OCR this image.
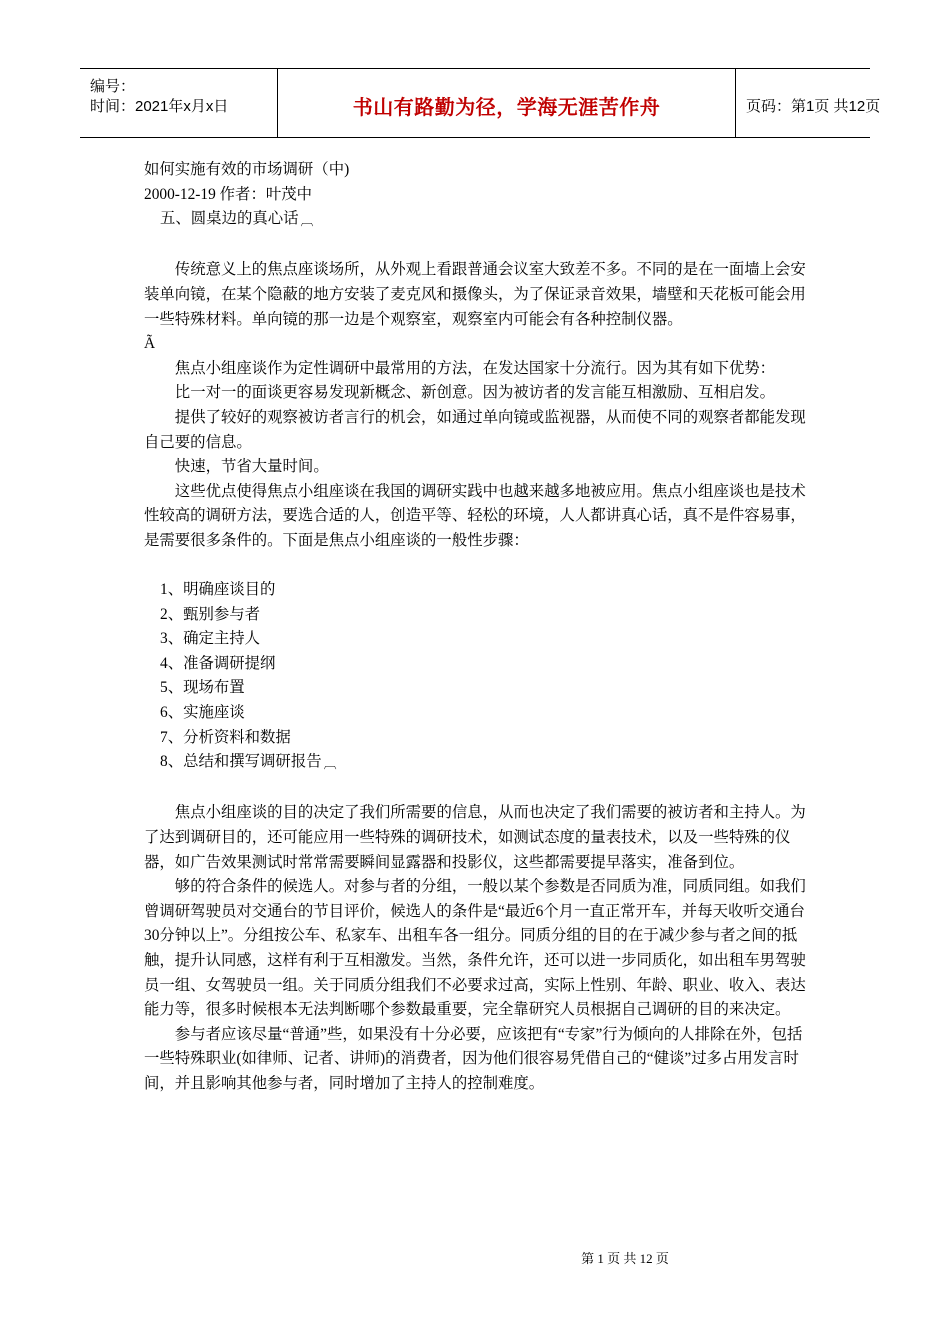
编号：
时间：2021年x月x日	书山有路勤为径，学海无涯苦作舟	页码：第1页 共12页

如何实施有效的市场调研（中)

2000-12-19 作者：叶茂中

五、圆桌边的真心话 ︹

传统意义上的焦点座谈场所，从外观上看跟普通会议室大致差不多。不同的是在一面墙上会安装单向镜，在某个隐蔽的地方安装了麦克风和摄像头，为了保证录音效果，墙壁和天花板可能会用一些特殊材料。单向镜的那一边是个观察室，观察室内可能会有各种控制仪器。

Ã

焦点小组座谈作为定性调研中最常用的方法，在发达国家十分流行。因为其有如下优势：

比一对一的面谈更容易发现新概念、新创意。因为被访者的发言能互相激励、互相启发。

提供了较好的观察被访者言行的机会，如通过单向镜或监视器，从而使不同的观察者都能发现自己要的信息。

快速，节省大量时间。

这些优点使得焦点小组座谈在我国的调研实践中也越来越多地被应用。焦点小组座谈也是技术性较高的调研方法，要选合适的人，创造平等、轻松的环境，人人都讲真心话，真不是件容易事，是需要很多条件的。下面是焦点小组座谈的一般性步骤：

1、明确座谈目的

2、甄别参与者

3、确定主持人

4、准备调研提纲

5、现场布置

6、实施座谈

7、分析资料和数据

8、总结和撰写调研报告 ︹

焦点小组座谈的目的决定了我们所需要的信息，从而也决定了我们需要的被访者和主持人。为了达到调研目的，还可能应用一些特殊的调研技术，如测试态度的量表技术，以及一些特殊的仪器，如广告效果测试时常常需要瞬间显露器和投影仪，这些都需要提早落实，准备到位。

够的符合条件的候选人。对参与者的分组，一般以某个参数是否同质为准，同质同组。如我们曾调研驾驶员对交通台的节目评价，候选人的条件是“最近6个月一直正常开车，并每天收听交通台30分钟以上”。分组按公车、私家车、出租车各一组分。同质分组的目的在于减少参与者之间的抵触，提升认同感，这样有利于互相激发。当然，条件允许，还可以进一步同质化，如出租车男驾驶员一组、女驾驶员一组。关于同质分组我们不必要求过高，实际上性别、年龄、职业、收入、表达能力等，很多时候根本无法判断哪个参数最重要，完全靠研究人员根据自己调研的目的来决定。

参与者应该尽量“普通”些，如果没有十分必要，应该把有“专家”行为倾向的人排除在外，包括一些特殊职业(如律师、记者、讲师)的消费者，因为他们很容易凭借自己的“健谈”过多占用发言时间，并且影响其他参与者，同时增加了主持人的控制难度。

第 1 页 共 12 页
